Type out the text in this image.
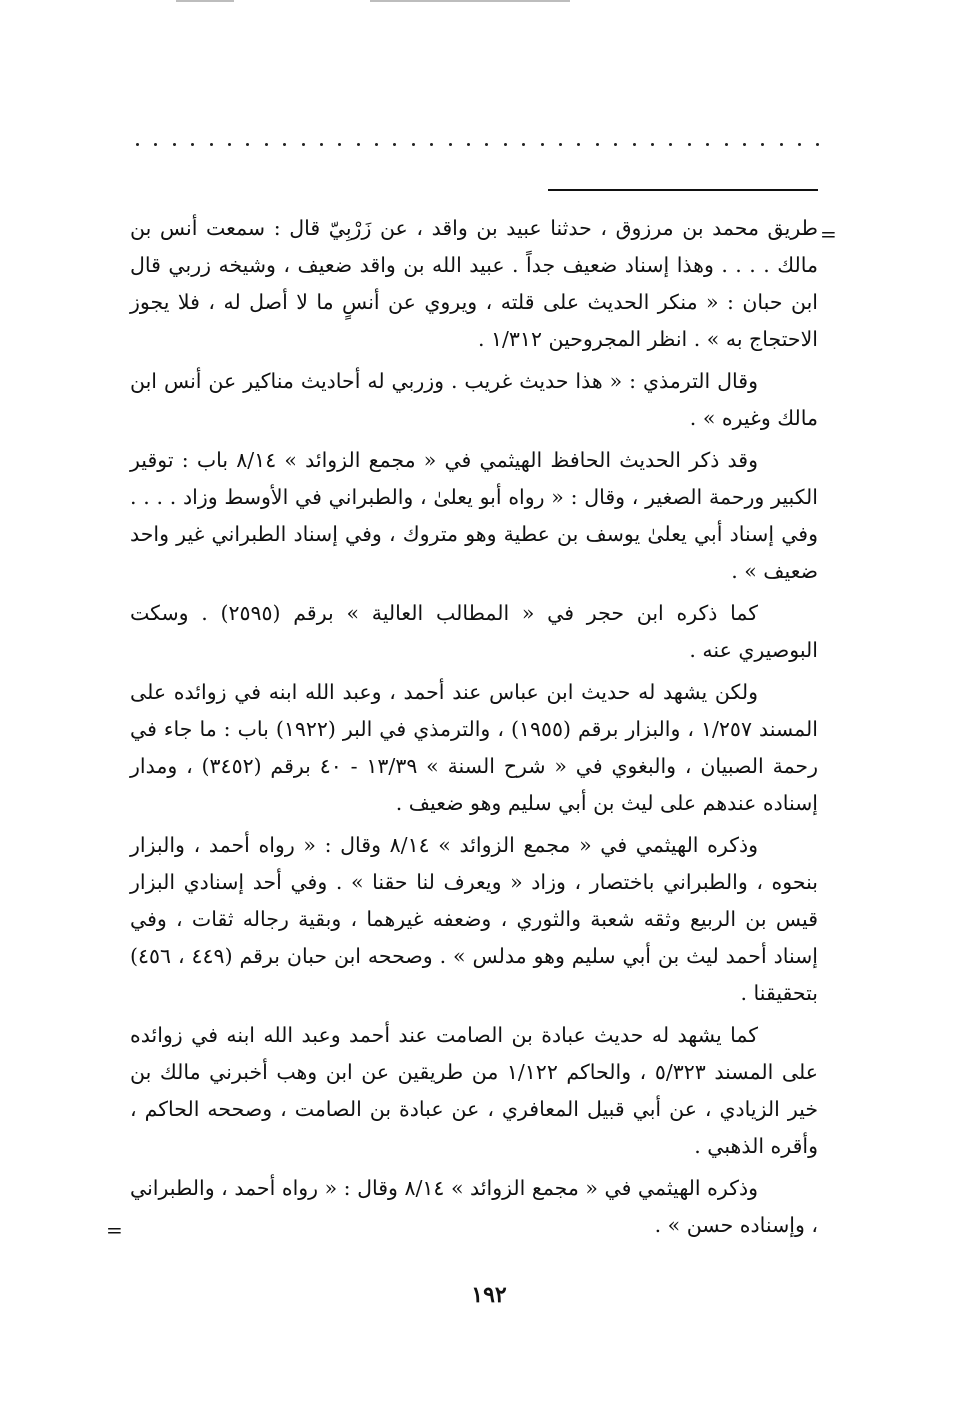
=

طريق محمد بن مرزوق ، حدثنا عبيد بن واقد ، عن زَرْبِيّ قال : سمعت أنس بن مالك . . . . وهذا إسناد ضعيف جداً . عبيد الله بن واقد ضعيف ، وشيخه زربي قال ابن حبان : « منكر الحديث على قلته ، ويروي عن أنسٍ ما لا أصل له ، فلا يجوز الاحتجاج به » . انظر المجروحين ١/٣١٢ .

وقال الترمذي : « هذا حديث غريب . وزربي له أحاديث مناكير عن أنس ابن مالك وغيره » .

وقد ذكر الحديث الحافظ الهيثمي في « مجمع الزوائد » ٨/١٤ باب : توقير الكبير ورحمة الصغير ، وقال : « رواه أبو يعلىٰ ، والطبراني في الأوسط وزاد . . . . وفي إسناد أبي يعلىٰ يوسف بن عطية وهو متروك ، وفي إسناد الطبراني غير واحد ضعيف » .

كما ذكره ابن حجر في « المطالب العالية » برقم (٢٥٩٥) . وسكت البوصيري عنه .

ولكن يشهد له حديث ابن عباس عند أحمد ، وعبد الله ابنه في زوائده على المسند ١/٢٥٧ ، والبزار برقم (١٩٥٥) ، والترمذي في البر (١٩٢٢) باب : ما جاء في رحمة الصبيان ، والبغوي في « شرح السنة » ١٣/٣٩ - ٤٠ برقم (٣٤٥٢) ، ومدار إسناده عندهم على ليث بن أبي سليم وهو ضعيف .

وذكره الهيثمي في « مجمع الزوائد » ٨/١٤ وقال : « رواه أحمد ، والبزار بنحوه ، والطبراني باختصار ، وزاد « ويعرف لنا حقنا » . وفي أحد إسنادي البزار قيس بن الربيع وثقه شعبة والثوري ، وضعفه غيرهما ، وبقية رجاله ثقات ، وفي إسناد أحمد ليث بن أبي سليم وهو مدلس » . وصححه ابن حبان برقم (٤٤٩ ، ٤٥٦) بتحقيقنا .

كما يشهد له حديث عبادة بن الصامت عند أحمد وعبد الله ابنه في زوائده على المسند ٥/٣٢٣ ، والحاكم ١/١٢٢ من طريقين عن ابن وهب أخبرني مالك بن خير الزيادي ، عن أبي قبيل المعافري ، عن عبادة بن الصامت ، وصححه الحاكم ، وأقره الذهبي .

وذكره الهيثمي في « مجمع الزوائد » ٨/١٤ وقال : « رواه أحمد ، والطبراني ، وإسناده حسن » .

=
١٩٢
